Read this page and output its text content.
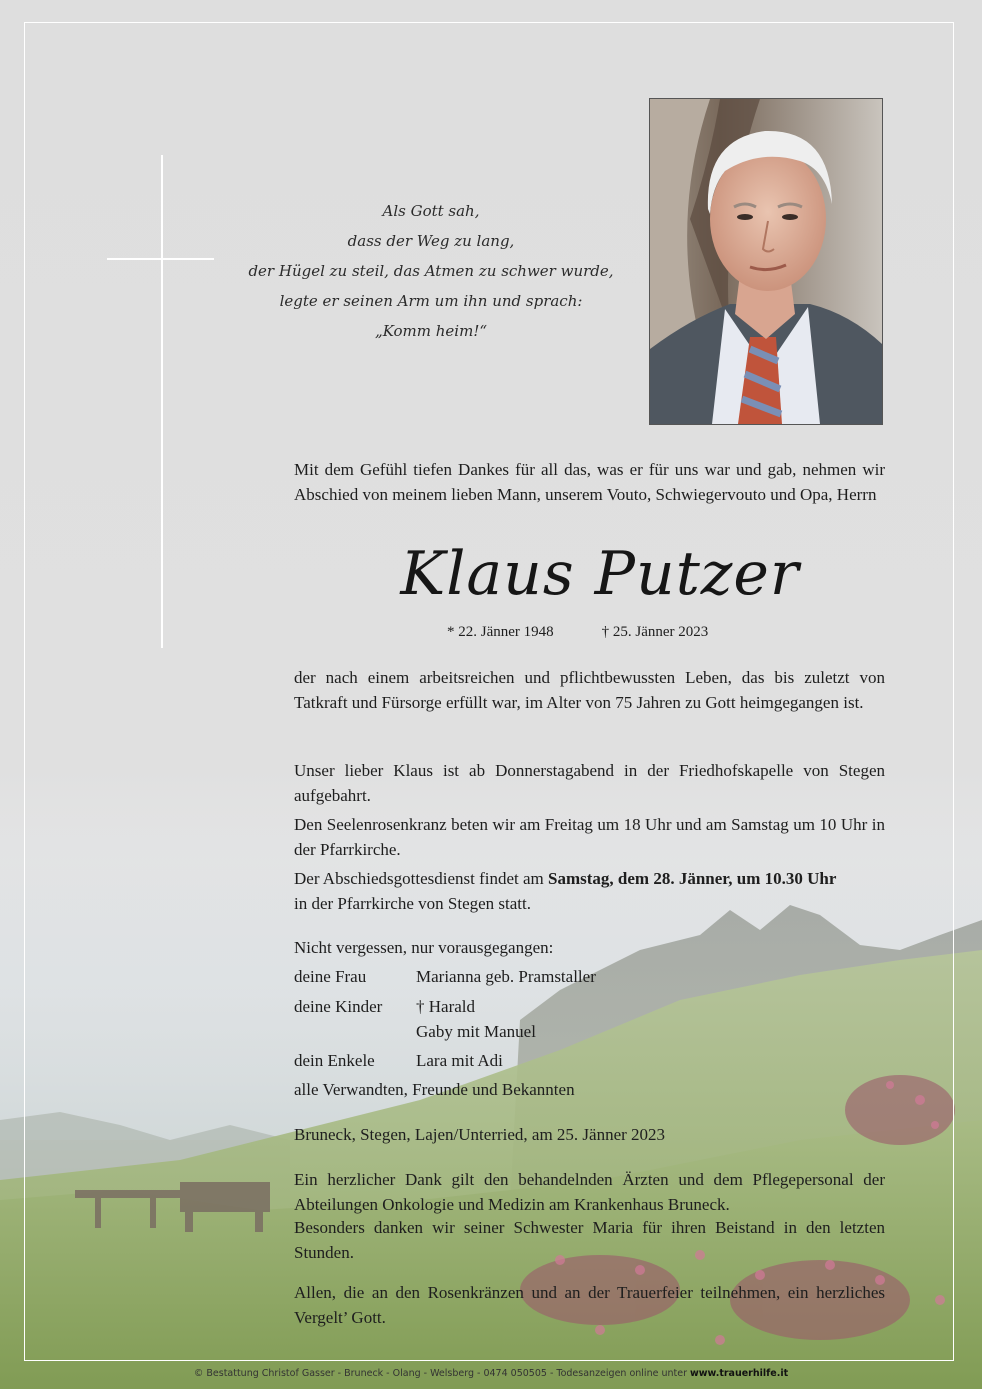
Als Gott sah,
dass der Weg zu lang,
der Hügel zu steil, das Atmen zu schwer wurde,
legte er seinen Arm um ihn und sprach:
„Komm heim!“
Mit dem Gefühl tiefen Dankes für all das, was er für uns war und gab, nehmen wir Abschied von meinem lieben Mann, unserem Vouto, Schwiegervouto und Opa, Herrn
Klaus Putzer
* 22. Jänner 1948	† 25. Jänner 2023
der nach einem arbeitsreichen und pflichtbewussten Leben, das bis zuletzt von Tatkraft und Fürsorge erfüllt war, im Alter von 75 Jahren zu Gott heimgegangen ist.
Unser lieber Klaus ist ab Donnerstagabend in der Friedhofskapelle von Stegen aufgebahrt.
Den Seelenrosenkranz beten wir am Freitag um 18 Uhr und am Samstag um 10 Uhr in der Pfarrkirche.
Der Abschiedsgottesdienst findet am Samstag, dem 28. Jänner, um 10.30 Uhr
in der Pfarrkirche von Stegen statt.
Nicht vergessen, nur vorausgegangen:
deine Frau	Marianna geb. Pramstaller
deine Kinder † Harald
Gaby mit Manuel
dein Enkele Lara mit Adi
alle Verwandten, Freunde und Bekannten
Bruneck, Stegen, Lajen/Unterried, am 25. Jänner 2023
Ein herzlicher Dank gilt den behandelnden Ärzten und dem Pflegepersonal der Abteilungen Onkologie und Medizin am Krankenhaus Bruneck.
Besonders danken wir seiner Schwester Maria für ihren Beistand in den letzten Stunden.
Allen, die an den Rosenkränzen und an der Trauerfeier teilnehmen, ein herzliches Vergelt’ Gott.
© Bestattung Christof Gasser - Bruneck - Olang - Welsberg - 0474 050505 - Todesanzeigen online unter www.trauerhilfe.it
